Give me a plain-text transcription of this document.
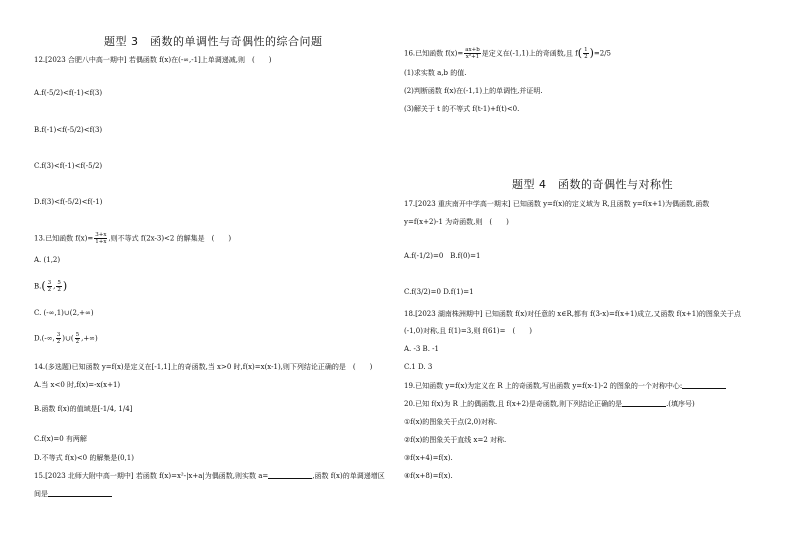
题型 3　函数的单调性与奇偶性的综合问题
12.[2023 合肥八中高一期中] 若偶函数 f(x)在(-∞,-1]上单调递减,则　(　　)
A.f(-5/2)<f(-1)<f(3)
B.f(-1)<f(-5/2)<f(3)
C.f(3)<f(-1)<f(-5/2)
D.f(3)<f(-5/2)<f(-1)
13.已知函数 $f(x)= \frac{3+x}{1+x}$ ,则不等式 f(2x-3)<2 的解集是　(　　)
A. (1,2)
$B.( \frac{3}{2}$ , $\frac{5}{2}$ )
C. (-∞,1)∪(2,+∞)
D.(-∞, $\frac{3}{2}$ )∪( $\frac{5}{2}$ ,+∞)
14.(多选题)已知函数 y=f(x)是定义在[-1,1]上的奇函数,当 x>0 时,f(x)=x(x-1),则下列结论正确的是　(　　)
A.当 x<0 时,f(x)=-x(x+1)
B.函数 f(x)的值域是[-1/4, 1/4]
C.f(x)=0 有两解
D.不等式 f(x)<0 的解集是(0,1)
15.[2023 北师大附中高一期中] 若函数 f(x)=x²-|x+a|为偶函数,则实数 a=	,函数 f(x)的单调递增区
间是
16.已知函数 $f(x)= \frac{ax+b}{\text{x²+1}}$ 是定义在(-1,1)上的奇函数,且 $f( \frac{1}{2} )=2/5$
(1)求实数 a,b 的值.
(2)判断函数 f(x)在(-1,1)上的单调性,并证明.
(3)解关于 t 的不等式 f(t-1)+f(t)<0.
题型 4　函数的奇偶性与对称性
17.[2023 重庆南开中学高一期末] 已知函数 y=f(x)的定义域为 R,且函数 y=f(x+1)为偶函数,函数
y=f(x+2)-1 为奇函数,则　(　　)
A.f(-1/2)=0　B.f(0)=1
C.f(3/2)=0 D.f(1)=1
18.[2023 湖南株洲期中] 已知函数 f(x)对任意的 x∈R,都有 f(3-x)=f(x+1)成立,又函数 f(x+1)的图象关于点
(-1,0)对称,且 f(1)=3,则 f(61)=　(　　)
A. -3 B. -1
C.1 D. 3
19.已知函数 y=f(x)为定义在 R 上的奇函数,写出函数 y=f(x-1)-2 的图象的一个对称中心:
20.已知 f(x)为 R 上的偶函数,且 f(x+2)是奇函数,则下列结论正确的是	.(填序号)
①f(x)的图象关于点(2,0)对称.
②f(x)的图象关于直线 x=2 对称.
③f(x+4)=f(x).
④f(x+8)=f(x).
